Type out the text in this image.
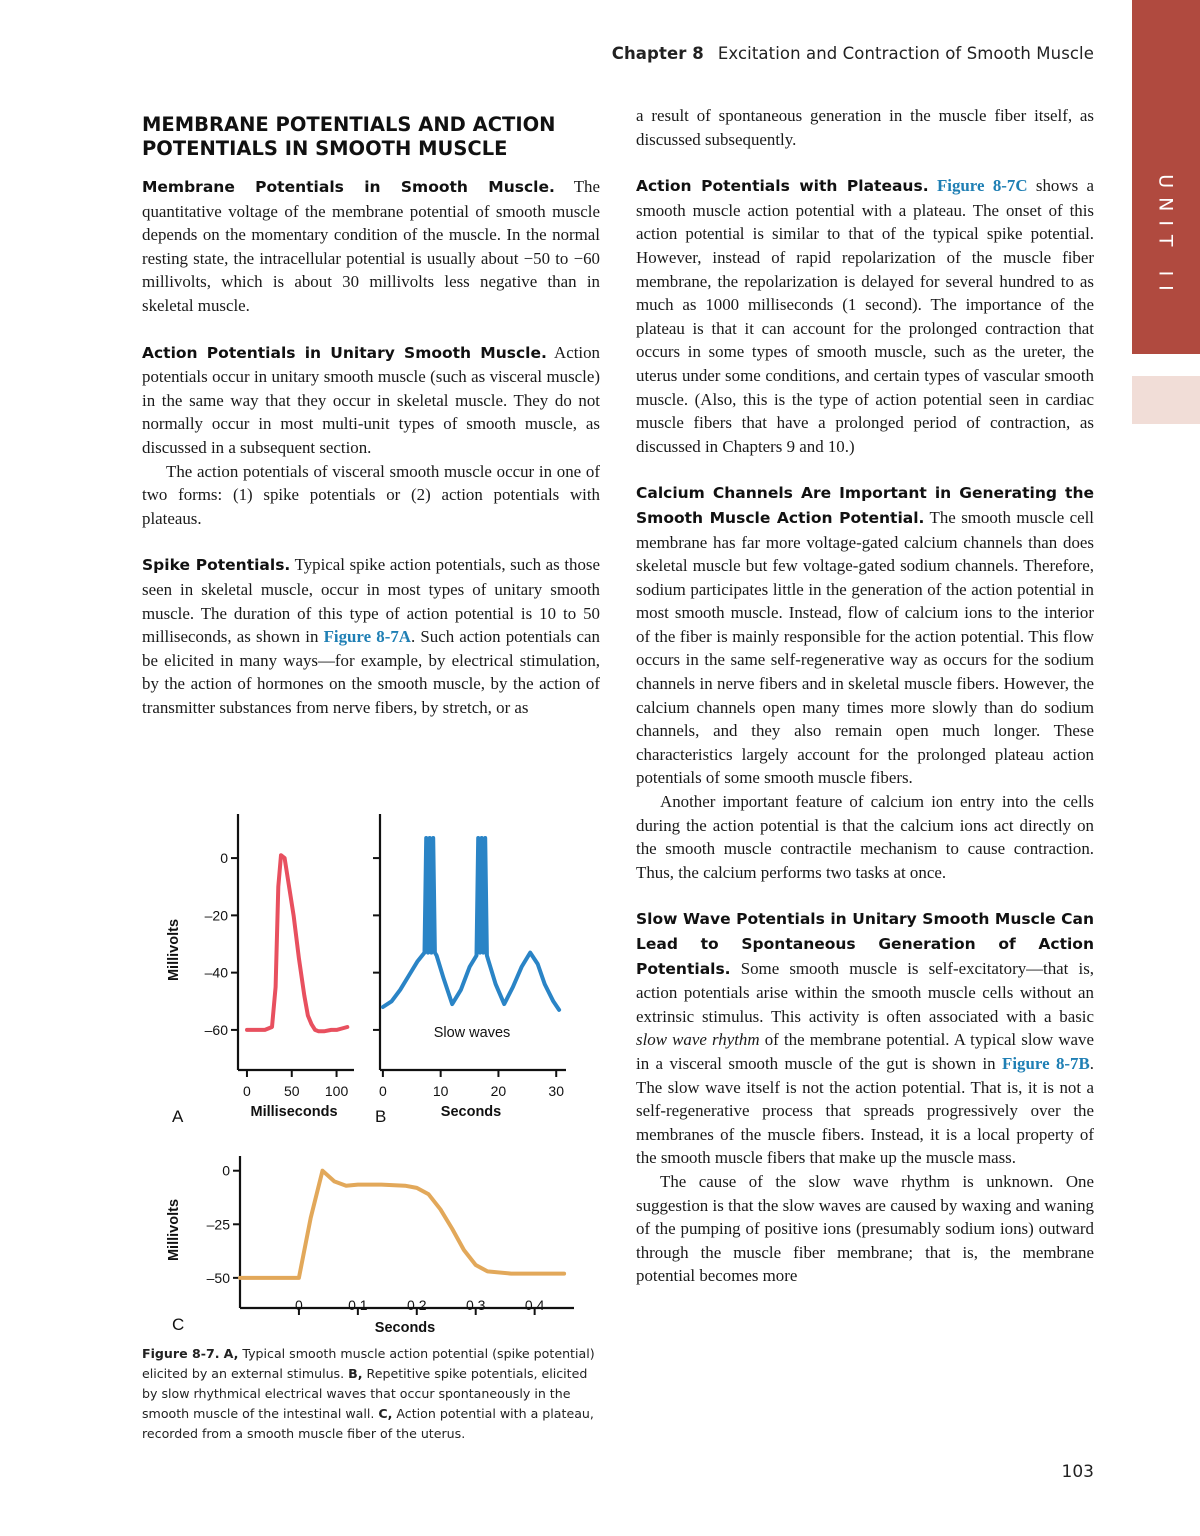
Chapter 8 Excitation and Contraction of Smooth Muscle
UNIT II
MEMBRANE POTENTIALS AND ACTION POTENTIALS IN SMOOTH MUSCLE

Membrane Potentials in Smooth Muscle. The quantitative voltage of the membrane potential of smooth muscle depends on the momentary condition of the muscle. In the normal resting state, the intracellular potential is usually about −50 to −60 millivolts, which is about 30 millivolts less negative than in skeletal muscle.

Action Potentials in Unitary Smooth Muscle. Action potentials occur in unitary smooth muscle (such as visceral muscle) in the same way that they occur in skeletal muscle. They do not normally occur in most multi-unit types of smooth muscle, as discussed in a subsequent section.

The action potentials of visceral smooth muscle occur in one of two forms: (1) spike potentials or (2) action potentials with plateaus.

Spike Potentials. Typical spike action potentials, such as those seen in skeletal muscle, occur in most types of unitary smooth muscle. The duration of this type of action potential is 10 to 50 milliseconds, as shown in Figure 8-7A. Such action potentials can be elicited in many ways—for example, by electrical stimulation, by the action of hormones on the smooth muscle, by the action of transmitter substances from nerve fibers, by stretch, or as

a result of spontaneous generation in the muscle fiber itself, as discussed subsequently.

Action Potentials with Plateaus. Figure 8-7C shows a smooth muscle action potential with a plateau. The onset of this action potential is similar to that of the typical spike potential. However, instead of rapid repolarization of the muscle fiber membrane, the repolarization is delayed for several hundred to as much as 1000 milliseconds (1 second). The importance of the plateau is that it can account for the prolonged contraction that occurs in some types of smooth muscle, such as the ureter, the uterus under some conditions, and certain types of vascular smooth muscle. (Also, this is the type of action potential seen in cardiac muscle fibers that have a prolonged period of contraction, as discussed in Chapters 9 and 10.)

Calcium Channels Are Important in Generating the Smooth Muscle Action Potential. The smooth muscle cell membrane has far more voltage-gated calcium channels than does skeletal muscle but few voltage-gated sodium channels. Therefore, sodium participates little in the generation of the action potential in most smooth muscle. Instead, flow of calcium ions to the interior of the fiber is mainly responsible for the action potential. This flow occurs in the same self-regenerative way as occurs for the sodium channels in nerve fibers and in skeletal muscle fibers. However, the calcium channels open many times more slowly than do sodium channels, and they also remain open much longer. These characteristics largely account for the prolonged plateau action potentials of some smooth muscle fibers.

Another important feature of calcium ion entry into the cells during the action potential is that the calcium ions act directly on the smooth muscle contractile mechanism to cause contraction. Thus, the calcium performs two tasks at once.

Slow Wave Potentials in Unitary Smooth Muscle Can Lead to Spontaneous Generation of Action Potentials. Some smooth muscle is self-excitatory—that is, action potentials arise within the smooth muscle cells without an extrinsic stimulus. This activity is often associated with a basic slow wave rhythm of the membrane potential. A typical slow wave in a visceral smooth muscle of the gut is shown in Figure 8-7B. The slow wave itself is not the action potential. That is, it is not a self-regenerative process that spreads progressively over the membranes of the muscle fibers. Instead, it is a local property of the smooth muscle fibers that make up the muscle mass.

The cause of the slow wave rhythm is unknown. One suggestion is that the slow waves are caused by waxing and waning of the pumping of positive ions (presumably sodium ions) outward through the muscle fiber membrane; that is, the membrane potential becomes more

0
–20
–40
–60
0 50 100
Milliseconds
Millivolts
A
0	10	20	30
Seconds
B
Slow waves
0
–25
–50
0	0.1	0.2	0.3	0.4
Seconds
Millivolts
C
Figure 8-7. A, Typical smooth muscle action potential (spike potential) elicited by an external stimulus. B, Repetitive spike potentials, elicited by slow rhythmical electrical waves that occur spontaneously in the smooth muscle of the intestinal wall. C, Action potential with a plateau, recorded from a smooth muscle fiber of the uterus.
103
